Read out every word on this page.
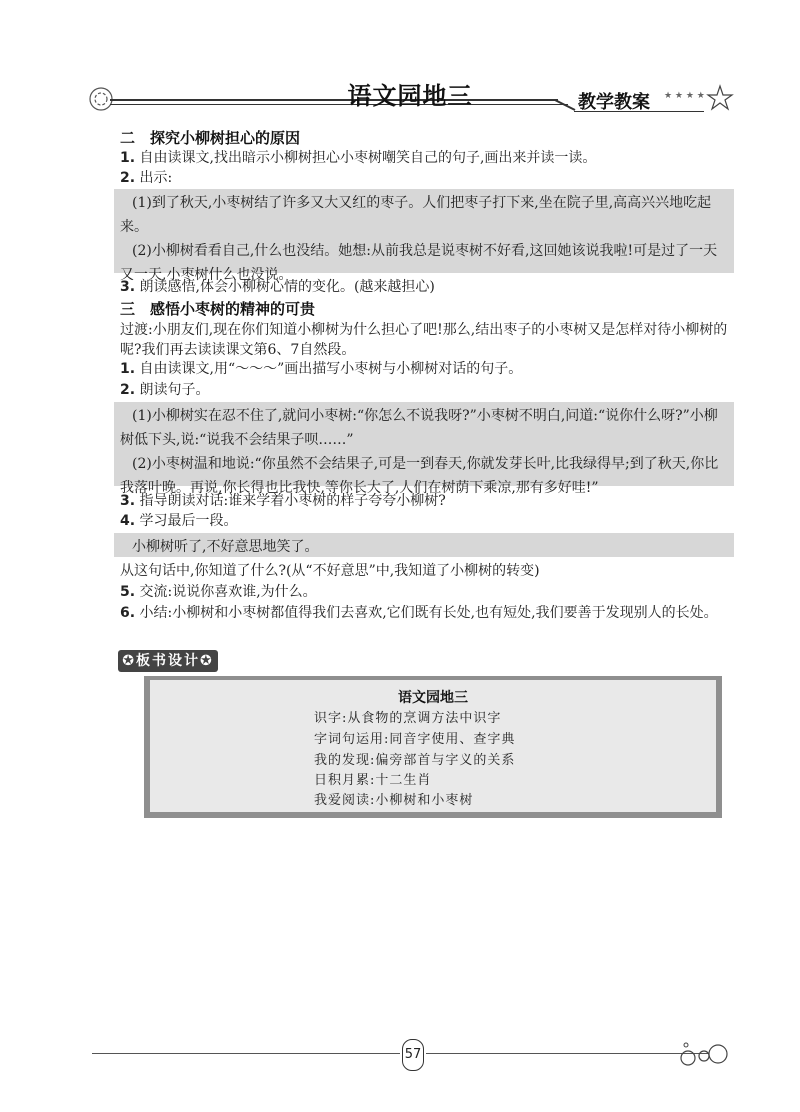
语文园地三	教学教案 ★ ★ ★ ★
二　探究小柳树担心的原因
1. 自由读课文,找出暗示小柳树担心小枣树嘲笑自己的句子,画出来并读一读。
2. 出示:

(1)到了秋天,小枣树结了许多又大又红的枣子。人们把枣子打下来,坐在院子里,高高兴兴地吃起来。

(2)小柳树看看自己,什么也没结。她想:从前我总是说枣树不好看,这回她该说我啦!可是过了一天又一天,小枣树什么也没说。

3. 朗读感悟,体会小柳树心情的变化。(越来越担心)
三　感悟小枣树的精神的可贵
过渡:小朋友们,现在你们知道小柳树为什么担心了吧!那么,结出枣子的小枣树又是怎样对待小柳树的呢?我们再去读读课文第6、7自然段。
1. 自由读课文,用“～～～”画出描写小枣树与小柳树对话的句子。
2. 朗读句子。

(1)小柳树实在忍不住了,就问小枣树:“你怎么不说我呀?”小枣树不明白,问道:“说你什么呀?”小柳树低下头,说:“说我不会结果子呗……”

(2)小枣树温和地说:“你虽然不会结果子,可是一到春天,你就发芽长叶,比我绿得早;到了秋天,你比我落叶晚。再说,你长得也比我快,等你长大了,人们在树荫下乘凉,那有多好哇!”

3. 指导朗读对话:谁来学着小枣树的样子夸夸小柳树?
4. 学习最后一段。

小柳树听了,不好意思地笑了。

从这句话中,你知道了什么?(从“不好意思”中,我知道了小柳树的转变)
5. 交流:说说你喜欢谁,为什么。
6. 小结:小柳树和小枣树都值得我们去喜欢,它们既有长处,也有短处,我们要善于发现别人的长处。
✪板书设计✪
语文园地三
识字:从食物的烹调方法中识字
字词句运用:同音字使用、查字典
我的发现:偏旁部首与字义的关系
日积月累:十二生肖
我爱阅读:小柳树和小枣树
57
